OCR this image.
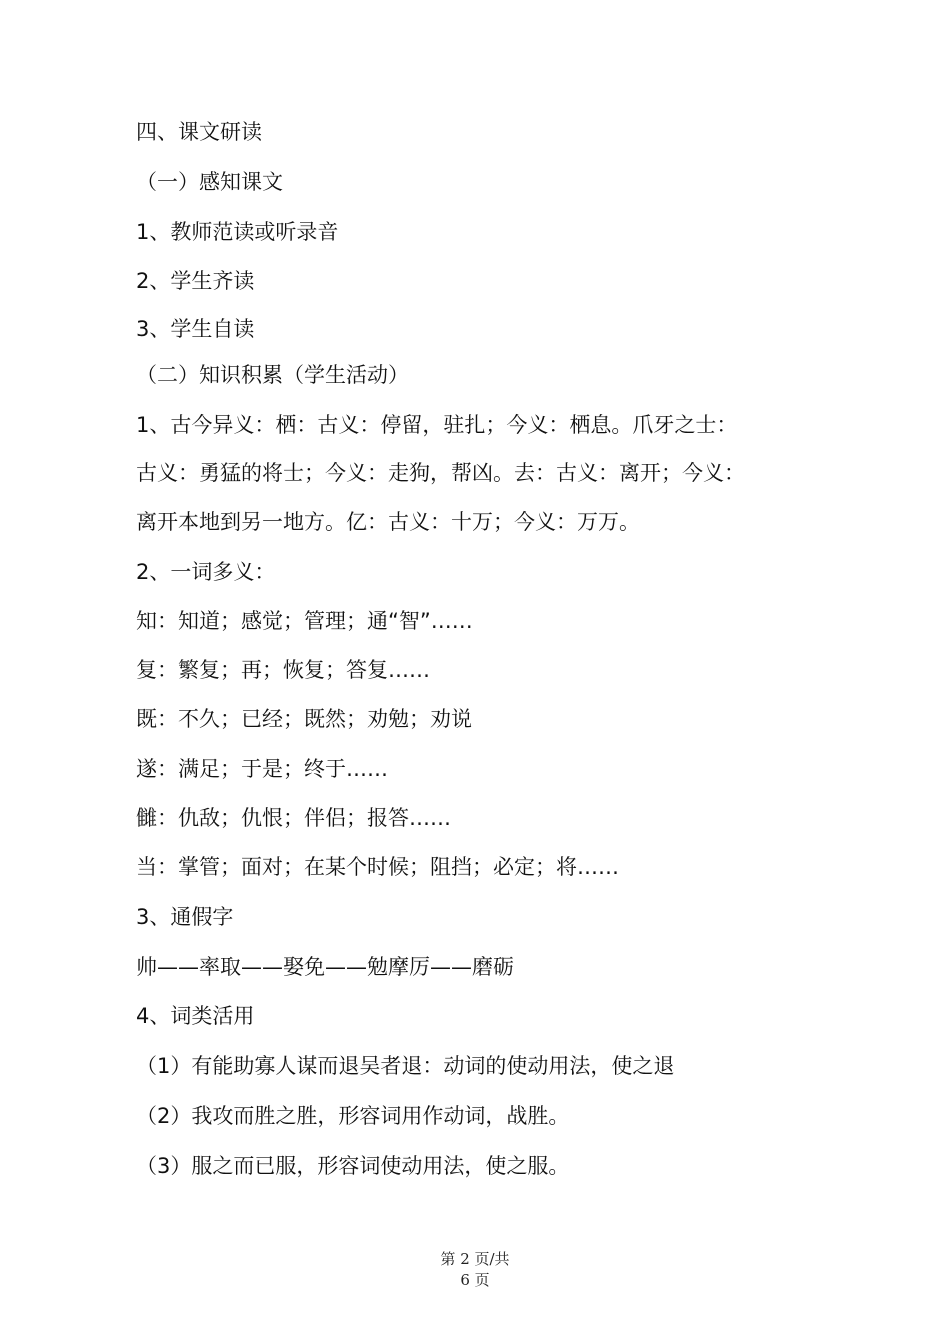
四、课文研读
（一）感知课文
1、教师范读或听录音
2、学生齐读
3、学生自读
（二）知识积累（学生活动）
1、古今异义：栖：古义：停留，驻扎；今义：栖息。爪牙之士：
古义：勇猛的将士；今义：走狗，帮凶。去：古义：离开；今义：
离开本地到另一地方。亿：古义：十万；今义：万万。
2、一词多义：
知：知道；感觉；管理；通“智”……
复：繁复；再；恢复；答复……
既：不久；已经；既然；劝勉；劝说
遂：满足；于是；终于……
雠：仇敌；仇恨；伴侣；报答……
当：掌管；面对；在某个时候；阻挡；必定；将……
3、通假字
帅——率取——娶免——勉摩厉——磨砺
4、词类活用
（1）有能助寡人谋而退吴者退：动词的使动用法，使之退
（2）我攻而胜之胜，形容词用作动词，战胜。
（3）服之而已服，形容词使动用法，使之服。
第 2 页/共
6 页
